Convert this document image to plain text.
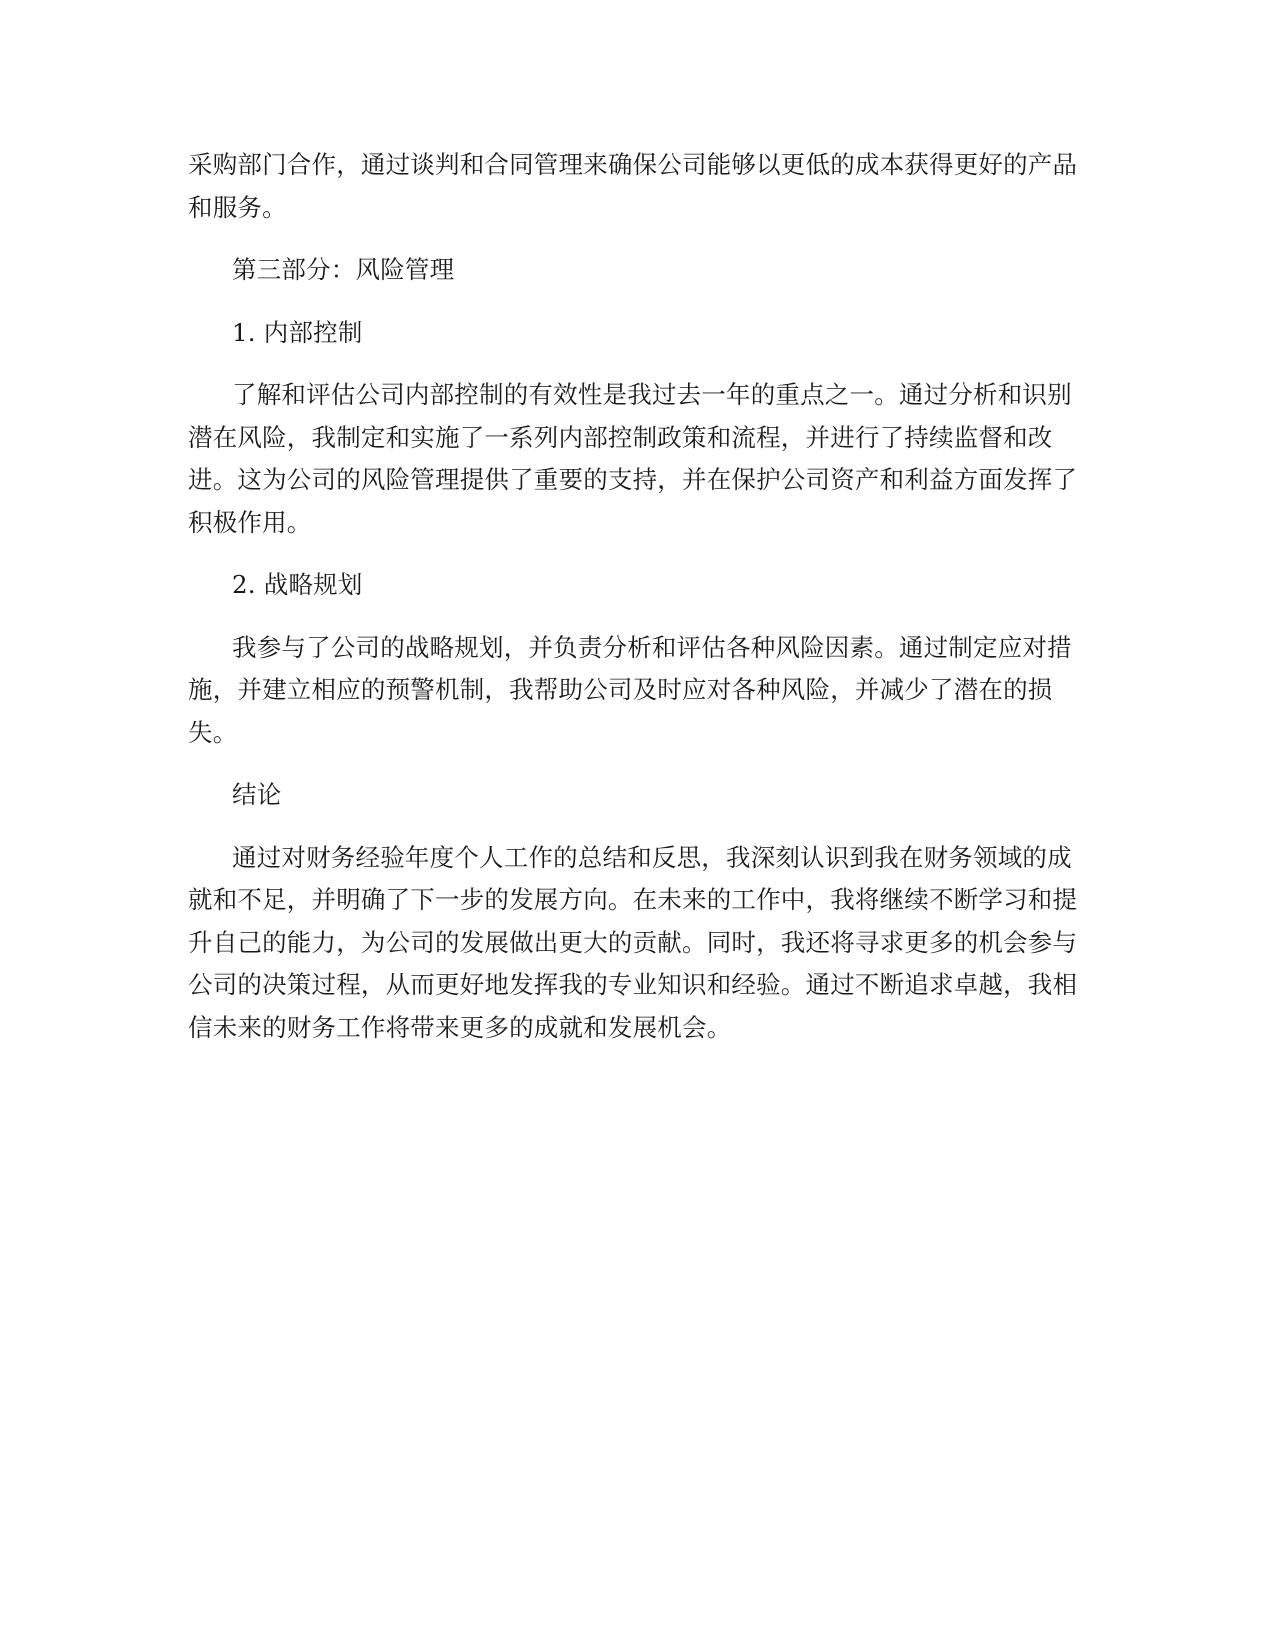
采购部门合作，通过谈判和合同管理来确保公司能够以更低的成本获得更好的产品和服务。

第三部分：风险管理

1. 内部控制

了解和评估公司内部控制的有效性是我过去一年的重点之一。通过分析和识别潜在风险，我制定和实施了一系列内部控制政策和流程，并进行了持续监督和改进。这为公司的风险管理提供了重要的支持，并在保护公司资产和利益方面发挥了积极作用。

2. 战略规划

我参与了公司的战略规划，并负责分析和评估各种风险因素。通过制定应对措施，并建立相应的预警机制，我帮助公司及时应对各种风险，并减少了潜在的损失。

结论

通过对财务经验年度个人工作的总结和反思，我深刻认识到我在财务领域的成就和不足，并明确了下一步的发展方向。在未来的工作中，我将继续不断学习和提升自己的能力，为公司的发展做出更大的贡献。同时，我还将寻求更多的机会参与公司的决策过程，从而更好地发挥我的专业知识和经验。通过不断追求卓越，我相信未来的财务工作将带来更多的成就和发展机会。
